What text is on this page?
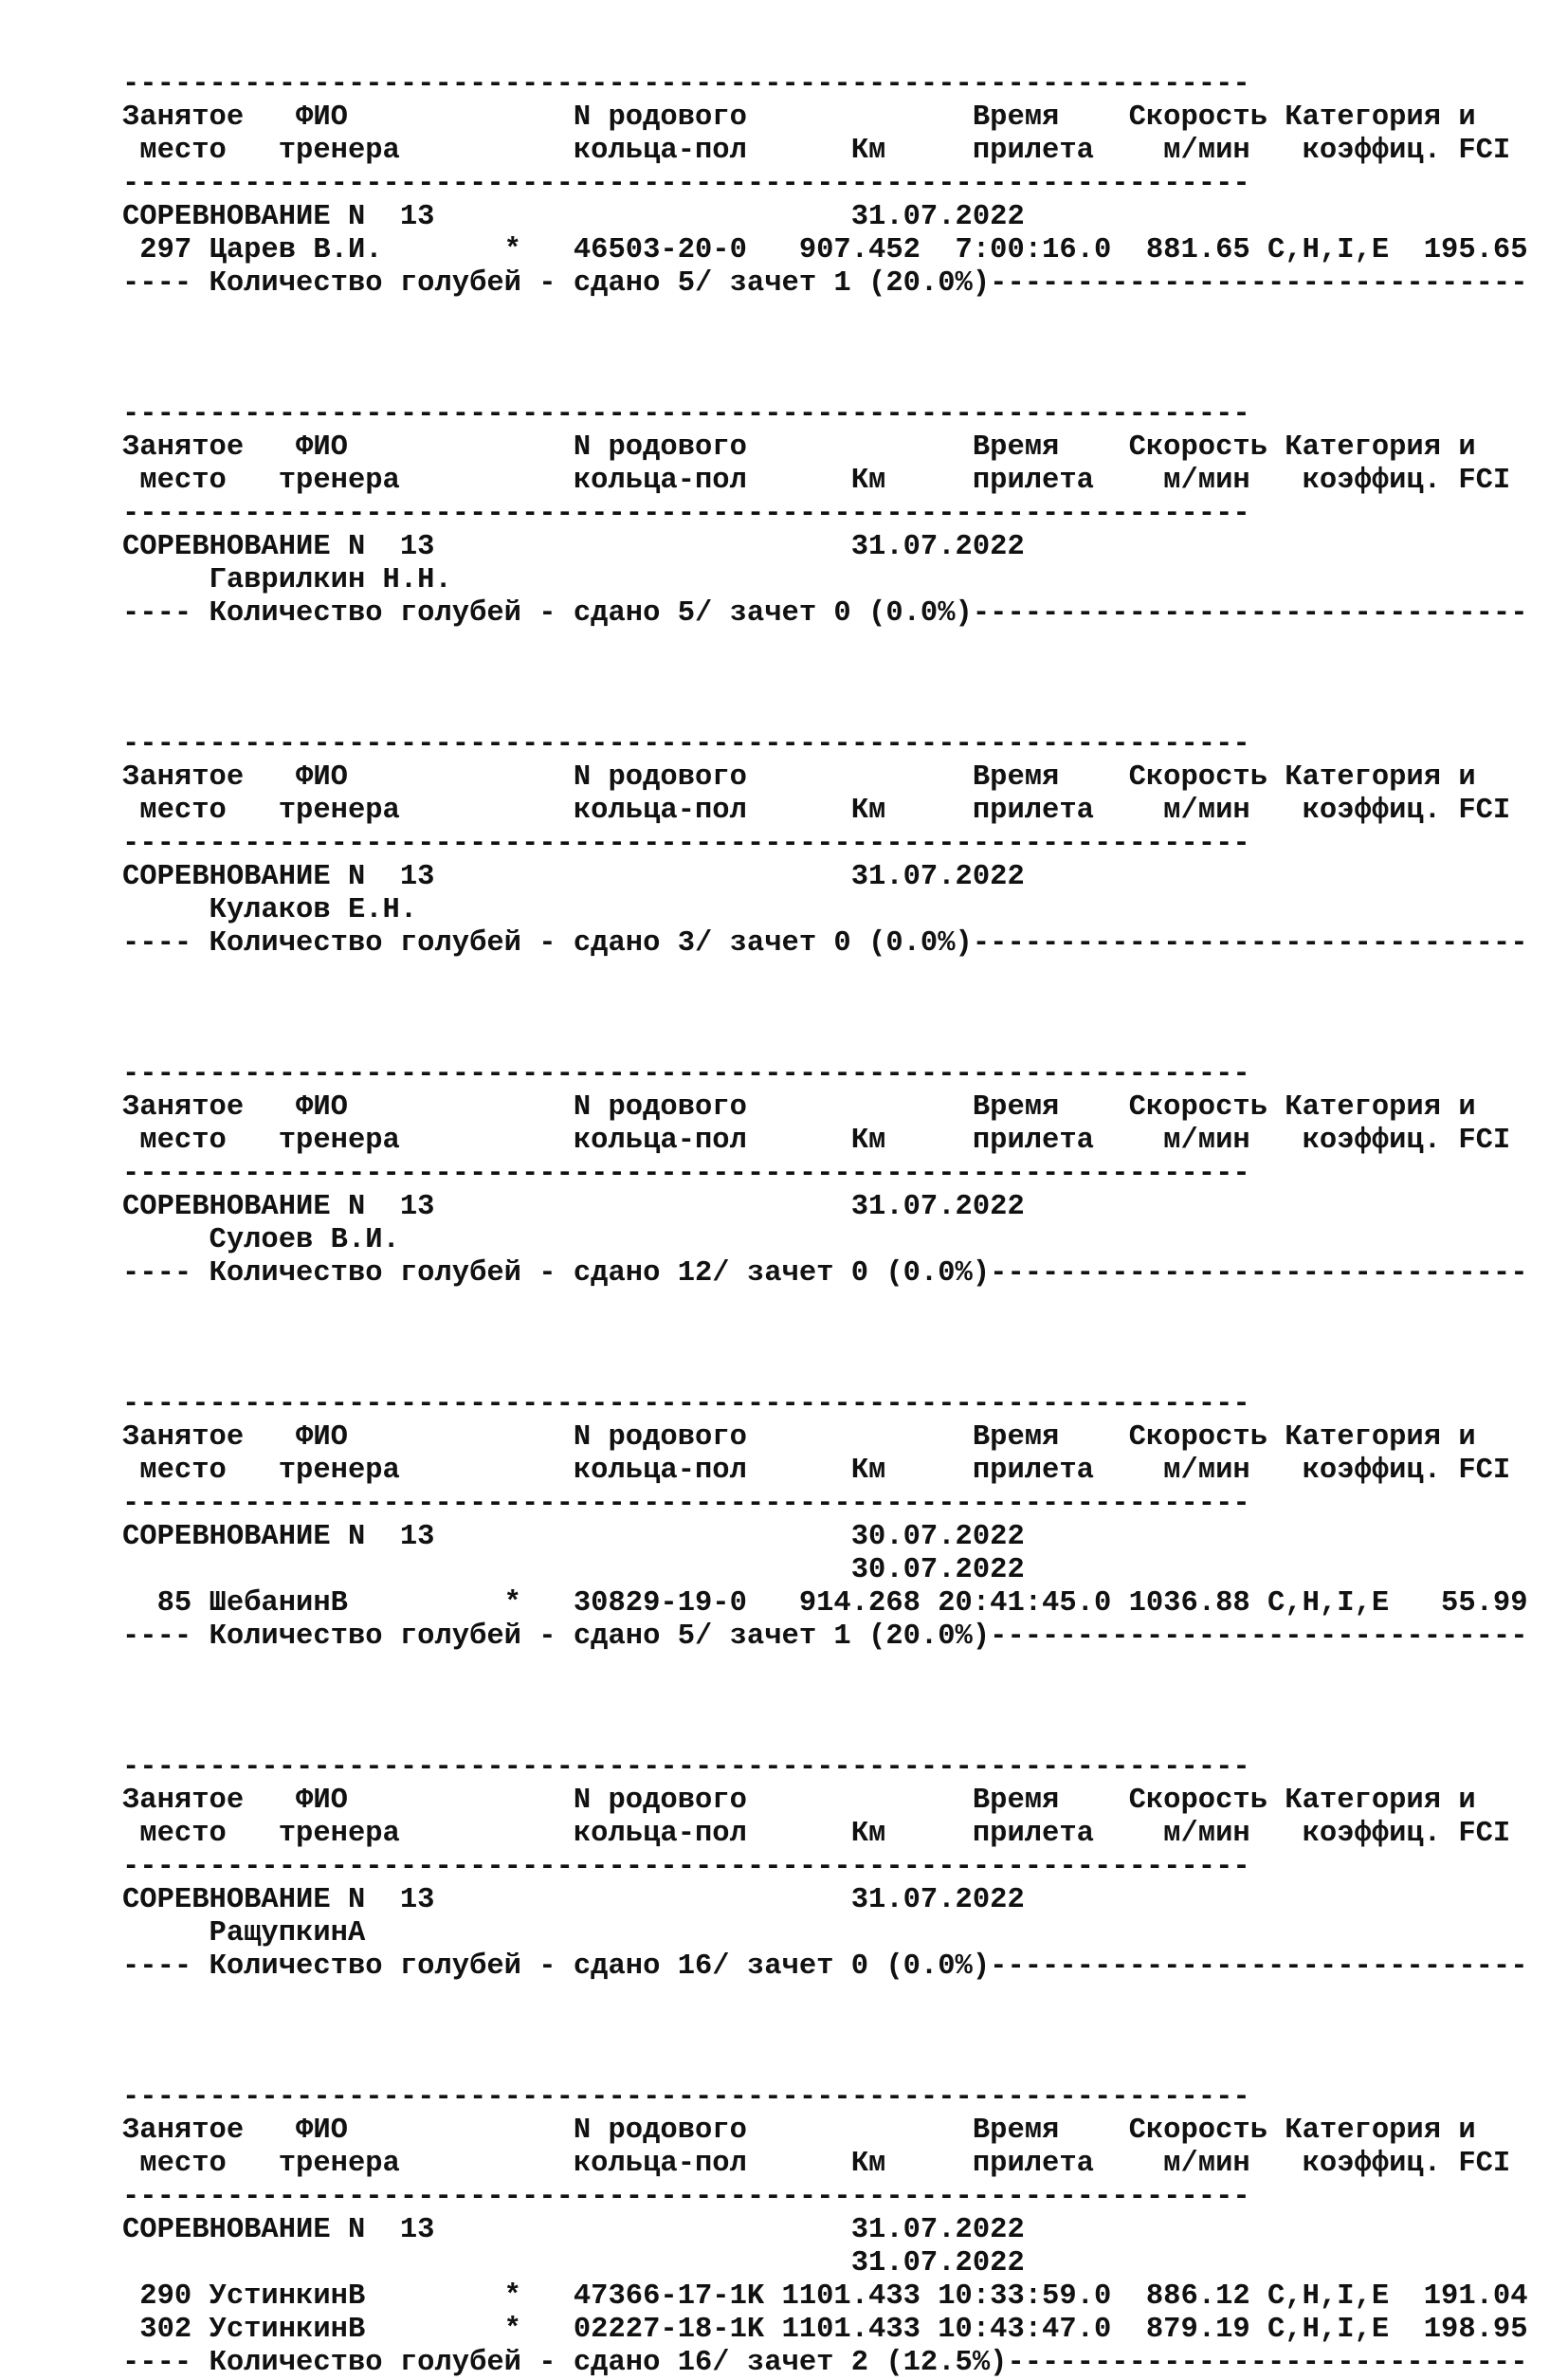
-----------------------------------------------------------------
Занятое   ФИО             N родового             Время    Скорость Категория и
место   тренера          кольца-пол      Км     прилета    м/мин   коэффиц. FCI
-----------------------------------------------------------------
СОРЕВНОВАНИЕ N  13                        31.07.2022
297 Царев В.И.       *   46503-20-0   907.452  7:00:16.0  881.65 C,H,I,E  195.65
---- Количество голубей - сдано 5/ зачет 1 (20.0%)-------------------------------
-----------------------------------------------------------------
Занятое   ФИО             N родового             Время    Скорость Категория и
место   тренера          кольца-пол      Км     прилета    м/мин   коэффиц. FCI
-----------------------------------------------------------------
СОРЕВНОВАНИЕ N  13                        31.07.2022
Гаврилкин Н.Н.
---- Количество голубей - сдано 5/ зачет 0 (0.0%)--------------------------------
-----------------------------------------------------------------
Занятое   ФИО             N родового             Время    Скорость Категория и
место   тренера          кольца-пол      Км     прилета    м/мин   коэффиц. FCI
-----------------------------------------------------------------
СОРЕВНОВАНИЕ N  13                        31.07.2022
Кулаков Е.Н.
---- Количество голубей - сдано 3/ зачет 0 (0.0%)--------------------------------
-----------------------------------------------------------------
Занятое   ФИО             N родового             Время    Скорость Категория и
место   тренера          кольца-пол      Км     прилета    м/мин   коэффиц. FCI
-----------------------------------------------------------------
СОРЕВНОВАНИЕ N  13                        31.07.2022
Сулоев В.И.
---- Количество голубей - сдано 12/ зачет 0 (0.0%)-------------------------------
-----------------------------------------------------------------
Занятое   ФИО             N родового             Время    Скорость Категория и
место   тренера          кольца-пол      Км     прилета    м/мин   коэффиц. FCI
-----------------------------------------------------------------
СОРЕВНОВАНИЕ N  13                        30.07.2022
30.07.2022
85 ШебанинВ         *   30829-19-0   914.268 20:41:45.0 1036.88 C,H,I,E   55.99
---- Количество голубей - сдано 5/ зачет 1 (20.0%)-------------------------------
-----------------------------------------------------------------
Занятое   ФИО             N родового             Время    Скорость Категория и
место   тренера          кольца-пол      Км     прилета    м/мин   коэффиц. FCI
-----------------------------------------------------------------
СОРЕВНОВАНИЕ N  13                        31.07.2022
РащупкинА
---- Количество голубей - сдано 16/ зачет 0 (0.0%)-------------------------------
-----------------------------------------------------------------
Занятое   ФИО             N родового             Время    Скорость Категория и
место   тренера          кольца-пол      Км     прилета    м/мин   коэффиц. FCI
-----------------------------------------------------------------
СОРЕВНОВАНИЕ N  13                        31.07.2022
31.07.2022
290 УстинкинВ        *   47366-17-1K 1101.433 10:33:59.0  886.12 C,H,I,E  191.04
302 УстинкинВ        *   02227-18-1K 1101.433 10:43:47.0  879.19 C,H,I,E  198.95
---- Количество голубей - сдано 16/ зачет 2 (12.5%)------------------------------
